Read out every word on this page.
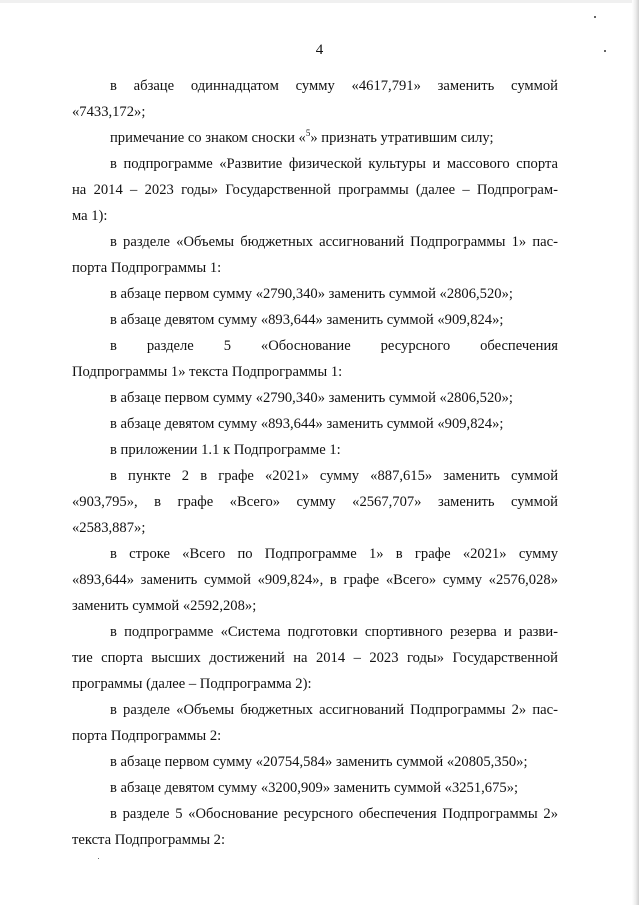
4
в абзаце одиннадцатом сумму «4617,791» заменить суммой
«7433,172»;
примечание со знаком сноски «$^5$» признать утратившим силу;
в подпрограмме «Развитие физической культуры и массового спорта
на 2014 – 2023 годы» Государственной программы (далее – Подпрограм-
ма 1):
в разделе «Объемы бюджетных ассигнований Подпрограммы 1» пас-
порта Подпрограммы 1:
в абзаце первом сумму «2790,340» заменить суммой «2806,520»;
в абзаце девятом сумму «893,644» заменить суммой «909,824»;
в разделе 5 «Обоснование ресурсного обеспечения
Подпрограммы 1» текста Подпрограммы 1:
в абзаце первом сумму «2790,340» заменить суммой «2806,520»;
в абзаце девятом сумму «893,644» заменить суммой «909,824»;
в приложении 1.1 к Подпрограмме 1:
в пункте 2 в графе «2021» сумму «887,615» заменить суммой
«903,795», в графе «Всего» сумму «2567,707» заменить суммой
«2583,887»;
в строке «Всего по Подпрограмме 1» в графе «2021» сумму
«893,644» заменить суммой «909,824», в графе «Всего» сумму «2576,028»
заменить суммой «2592,208»;
в подпрограмме «Система подготовки спортивного резерва и разви-
тие спорта высших достижений на 2014 – 2023 годы» Государственной
программы (далее – Подпрограмма 2):
в разделе «Объемы бюджетных ассигнований Подпрограммы 2» пас-
порта Подпрограммы 2:
в абзаце первом сумму «20754,584» заменить суммой «20805,350»;
в абзаце девятом сумму «3200,909» заменить суммой «3251,675»;
в разделе 5 «Обоснование ресурсного обеспечения Подпрограммы 2»
текста Подпрограммы 2:
